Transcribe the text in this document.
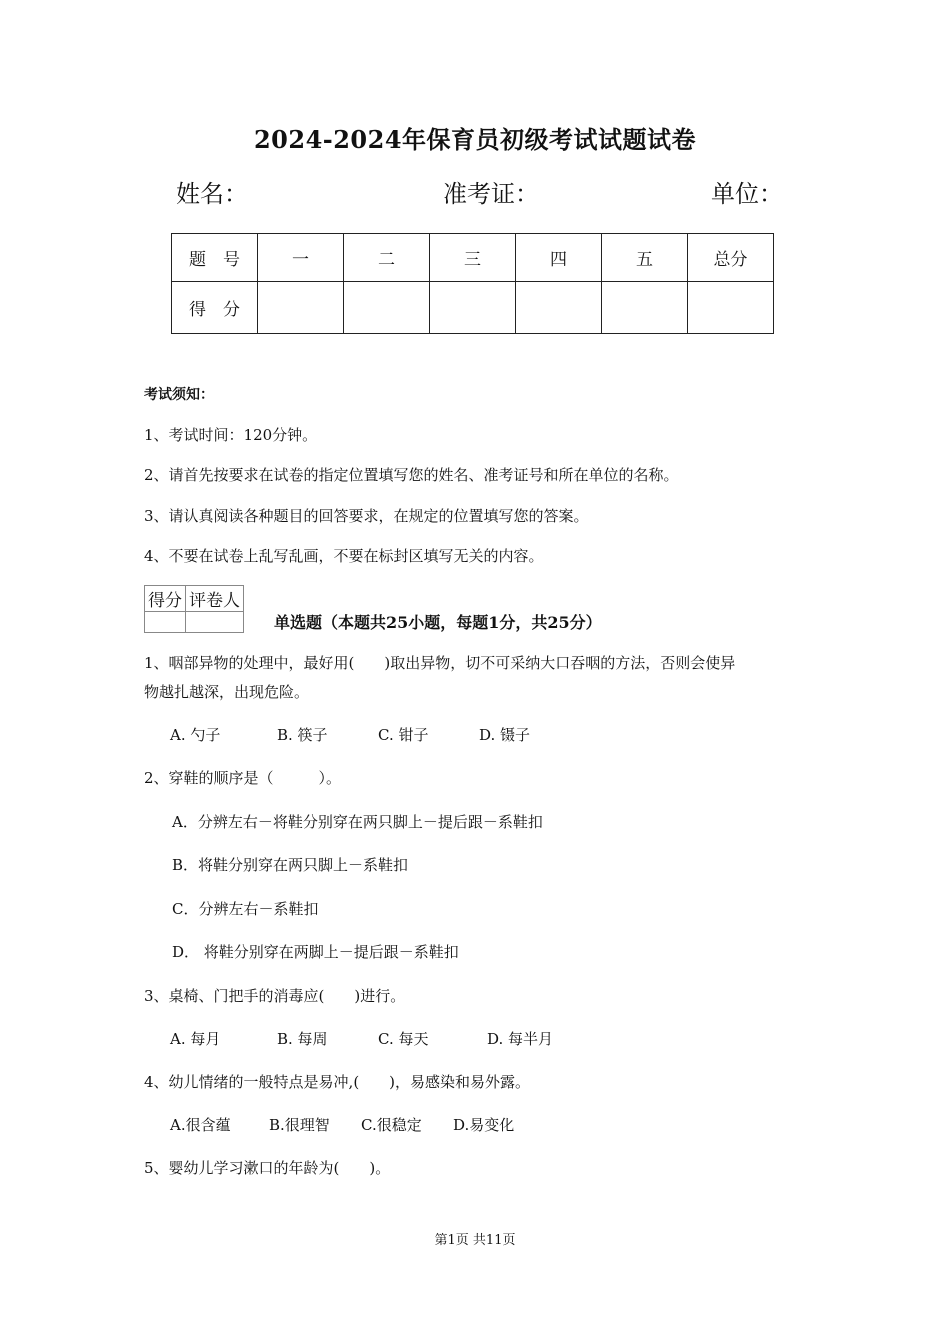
2024-2024年保育员初级考试试题试卷
姓名：	准考证：	单位：
题　号	一	二	三	四	五	总分
得　分						
考试须知：
1、考试时间：120分钟。
2、请首先按要求在试卷的指定位置填写您的姓名、准考证号和所在单位的名称。
3、请认真阅读各种题目的回答要求，在规定的位置填写您的答案。
4、不要在试卷上乱写乱画，不要在标封区填写无关的内容。
得分	评卷人

单选题（本题共25小题，每题1分，共25分）
1、咽部异物的处理中，最好用(　　)取出异物，切不可采纳大口吞咽的方法，否则会使异
物越扎越深，出现危险。
A. 勺子	B. 筷子	C. 钳子	D. 镊子
2、穿鞋的顺序是（　　　）。
A．分辨左右－将鞋分别穿在两只脚上－提后跟－系鞋扣
B．将鞋分别穿在两只脚上－系鞋扣
C．分辨左右－系鞋扣
D． 将鞋分别穿在两脚上－提后跟－系鞋扣
3、桌椅、门把手的消毒应(　　)进行。
A. 每月	B. 每周	C. 每天	D. 每半月
4、幼儿情绪的一般特点是易冲,(　　)，易感染和易外露。
A.很含蕴	B.很理智 C.很稳定 D.易变化
5、婴幼儿学习漱口的年龄为(　　)。
第1页 共11页
